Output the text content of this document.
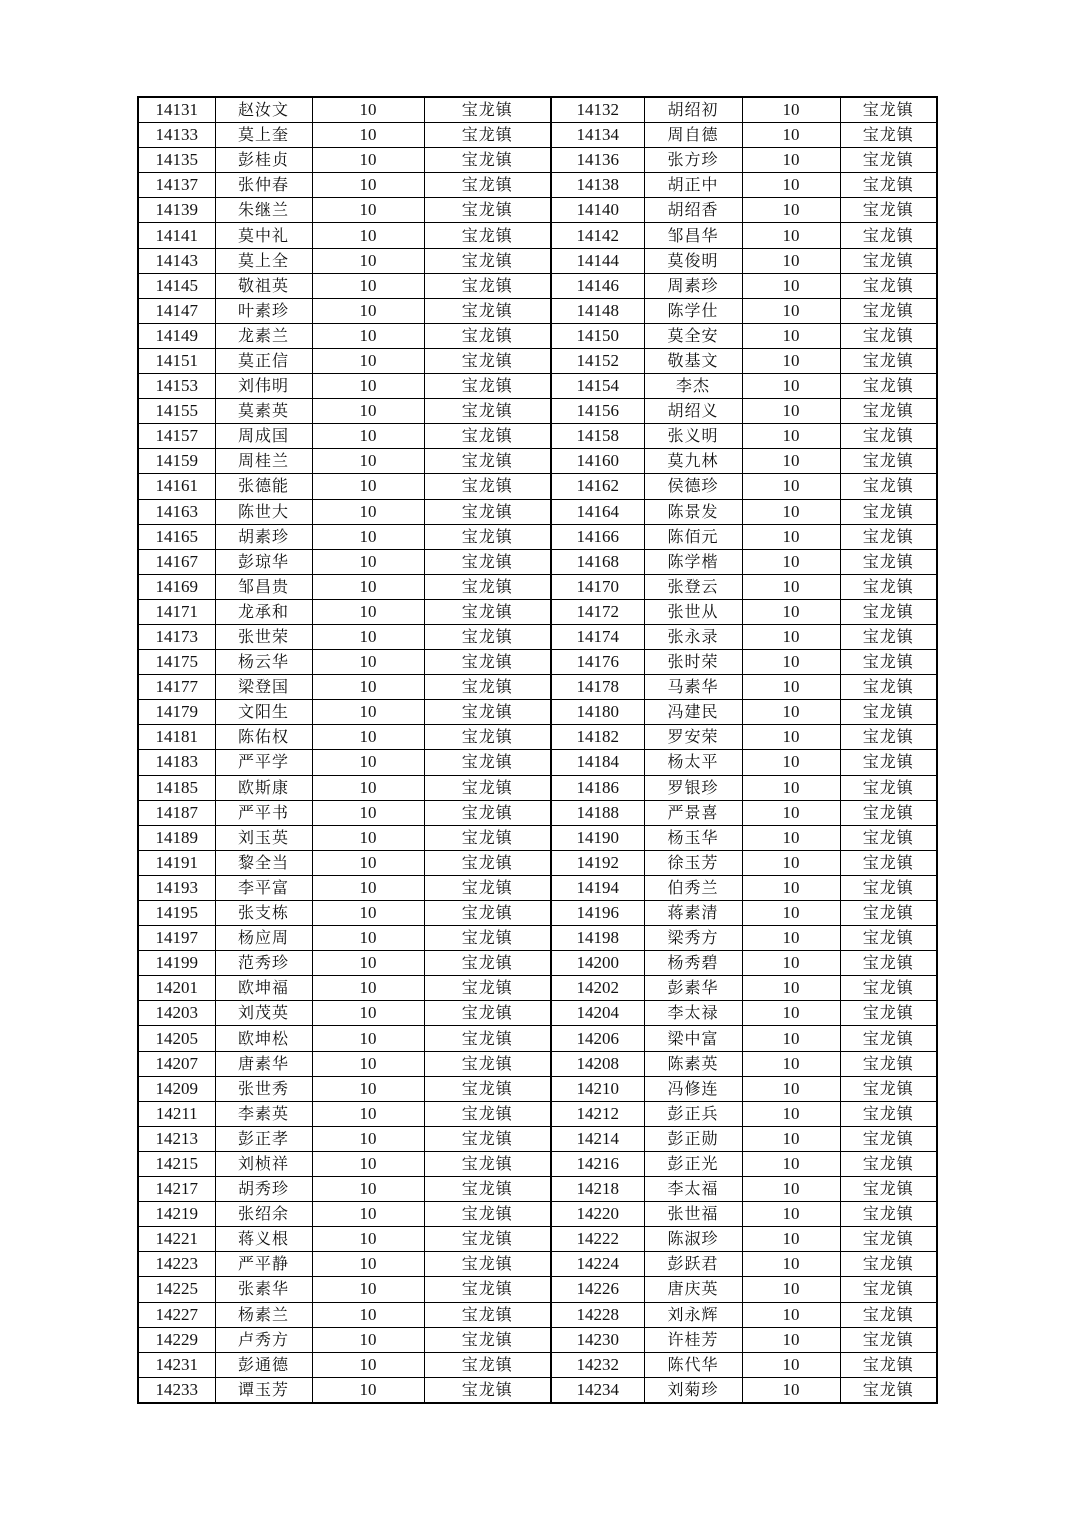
14131	赵汝文	10	宝龙镇	14132	胡绍初	10	宝龙镇
14133	莫上奎	10	宝龙镇	14134	周自德	10	宝龙镇
14135	彭桂贞	10	宝龙镇	14136	张方珍	10	宝龙镇
14137	张仲春	10	宝龙镇	14138	胡正中	10	宝龙镇
14139	朱继兰	10	宝龙镇	14140	胡绍香	10	宝龙镇
14141	莫中礼	10	宝龙镇	14142	邹昌华	10	宝龙镇
14143	莫上全	10	宝龙镇	14144	莫俊明	10	宝龙镇
14145	敬祖英	10	宝龙镇	14146	周素珍	10	宝龙镇
14147	叶素珍	10	宝龙镇	14148	陈学仕	10	宝龙镇
14149	龙素兰	10	宝龙镇	14150	莫全安	10	宝龙镇
14151	莫正信	10	宝龙镇	14152	敬基文	10	宝龙镇
14153	刘伟明	10	宝龙镇	14154	李杰	10	宝龙镇
14155	莫素英	10	宝龙镇	14156	胡绍义	10	宝龙镇
14157	周成国	10	宝龙镇	14158	张义明	10	宝龙镇
14159	周桂兰	10	宝龙镇	14160	莫九林	10	宝龙镇
14161	张德能	10	宝龙镇	14162	侯德珍	10	宝龙镇
14163	陈世大	10	宝龙镇	14164	陈景发	10	宝龙镇
14165	胡素珍	10	宝龙镇	14166	陈佰元	10	宝龙镇
14167	彭琼华	10	宝龙镇	14168	陈学楷	10	宝龙镇
14169	邹昌贵	10	宝龙镇	14170	张登云	10	宝龙镇
14171	龙承和	10	宝龙镇	14172	张世从	10	宝龙镇
14173	张世荣	10	宝龙镇	14174	张永录	10	宝龙镇
14175	杨云华	10	宝龙镇	14176	张时荣	10	宝龙镇
14177	梁登国	10	宝龙镇	14178	马素华	10	宝龙镇
14179	文阳生	10	宝龙镇	14180	冯建民	10	宝龙镇
14181	陈佑权	10	宝龙镇	14182	罗安荣	10	宝龙镇
14183	严平学	10	宝龙镇	14184	杨太平	10	宝龙镇
14185	欧斯康	10	宝龙镇	14186	罗银珍	10	宝龙镇
14187	严平书	10	宝龙镇	14188	严景喜	10	宝龙镇
14189	刘玉英	10	宝龙镇	14190	杨玉华	10	宝龙镇
14191	黎全当	10	宝龙镇	14192	徐玉芳	10	宝龙镇
14193	李平富	10	宝龙镇	14194	伯秀兰	10	宝龙镇
14195	张支栋	10	宝龙镇	14196	蒋素清	10	宝龙镇
14197	杨应周	10	宝龙镇	14198	梁秀方	10	宝龙镇
14199	范秀珍	10	宝龙镇	14200	杨秀碧	10	宝龙镇
14201	欧坤福	10	宝龙镇	14202	彭素华	10	宝龙镇
14203	刘茂英	10	宝龙镇	14204	李太禄	10	宝龙镇
14205	欧坤松	10	宝龙镇	14206	梁中富	10	宝龙镇
14207	唐素华	10	宝龙镇	14208	陈素英	10	宝龙镇
14209	张世秀	10	宝龙镇	14210	冯修连	10	宝龙镇
14211	李素英	10	宝龙镇	14212	彭正兵	10	宝龙镇
14213	彭正孝	10	宝龙镇	14214	彭正勋	10	宝龙镇
14215	刘桢祥	10	宝龙镇	14216	彭正光	10	宝龙镇
14217	胡秀珍	10	宝龙镇	14218	李太福	10	宝龙镇
14219	张绍余	10	宝龙镇	14220	张世福	10	宝龙镇
14221	蒋义根	10	宝龙镇	14222	陈淑珍	10	宝龙镇
14223	严平静	10	宝龙镇	14224	彭跃君	10	宝龙镇
14225	张素华	10	宝龙镇	14226	唐庆英	10	宝龙镇
14227	杨素兰	10	宝龙镇	14228	刘永辉	10	宝龙镇
14229	卢秀方	10	宝龙镇	14230	许桂芳	10	宝龙镇
14231	彭通德	10	宝龙镇	14232	陈代华	10	宝龙镇
14233	谭玉芳	10	宝龙镇	14234	刘菊珍	10	宝龙镇
